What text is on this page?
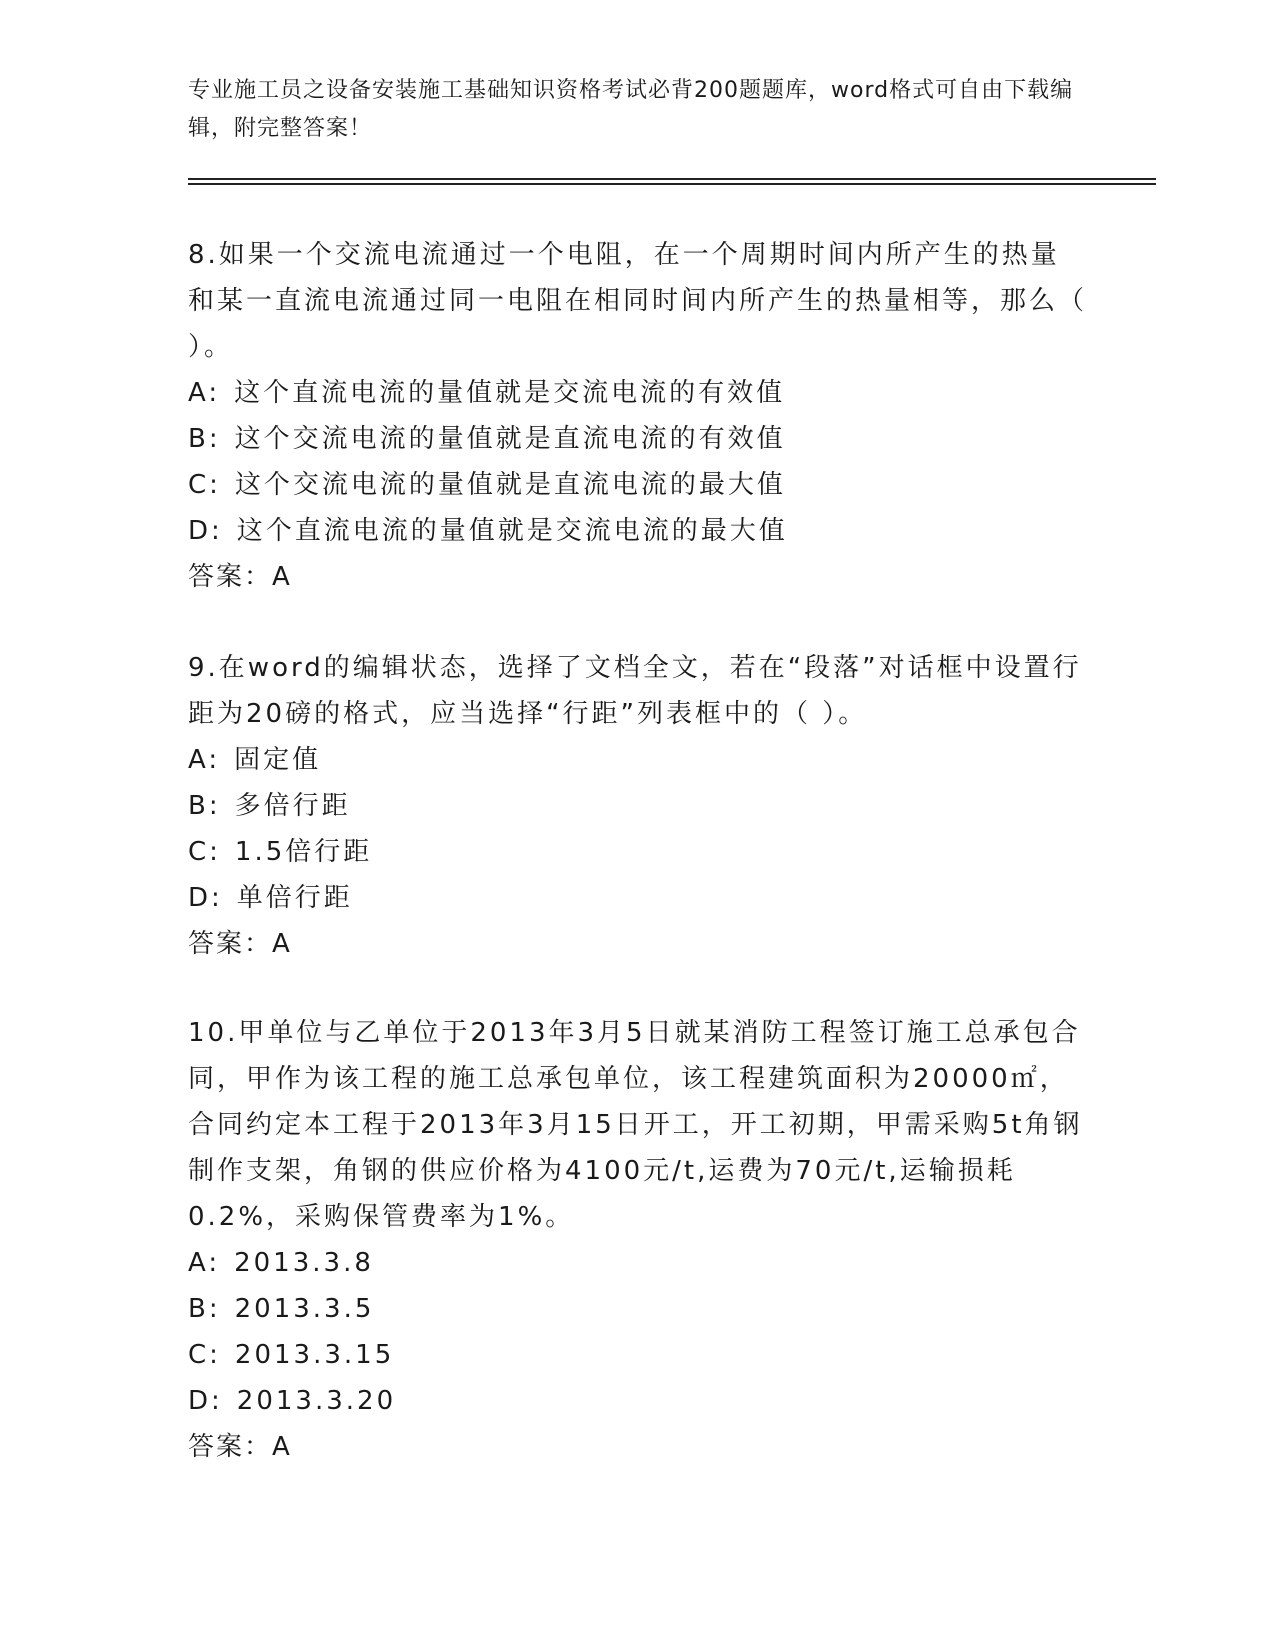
专业施工员之设备安装施工基础知识资格考试必背200题题库，word格式可自由下载编辑，附完整答案！

8.如果一个交流电流通过一个电阻，在一个周期时间内所产生的热量和某一直流电流通过同一电阻在相同时间内所产生的热量相等，那么（ ）。

A: 这个直流电流的量值就是交流电流的有效值

B: 这个交流电流的量值就是直流电流的有效值

C: 这个交流电流的量值就是直流电流的最大值

D: 这个直流电流的量值就是交流电流的最大值

答案：A

9.在word的编辑状态，选择了文档全文，若在“段落”对话框中设置行距为20磅的格式，应当选择“行距”列表框中的（ ）。

A: 固定值

B: 多倍行距

C: 1.5倍行距

D: 单倍行距

答案：A

10.甲单位与乙单位于2013年3月5日就某消防工程签订施工总承包合同，甲作为该工程的施工总承包单位，该工程建筑面积为20000㎡，合同约定本工程于2013年3月15日开工，开工初期，甲需采购5t角钢制作支架，角钢的供应价格为4100元/t,运费为70元/t,运输损耗0.2%，采购保管费率为1%。

A: 2013.3.8

B: 2013.3.5

C: 2013.3.15

D: 2013.3.20

答案：A
